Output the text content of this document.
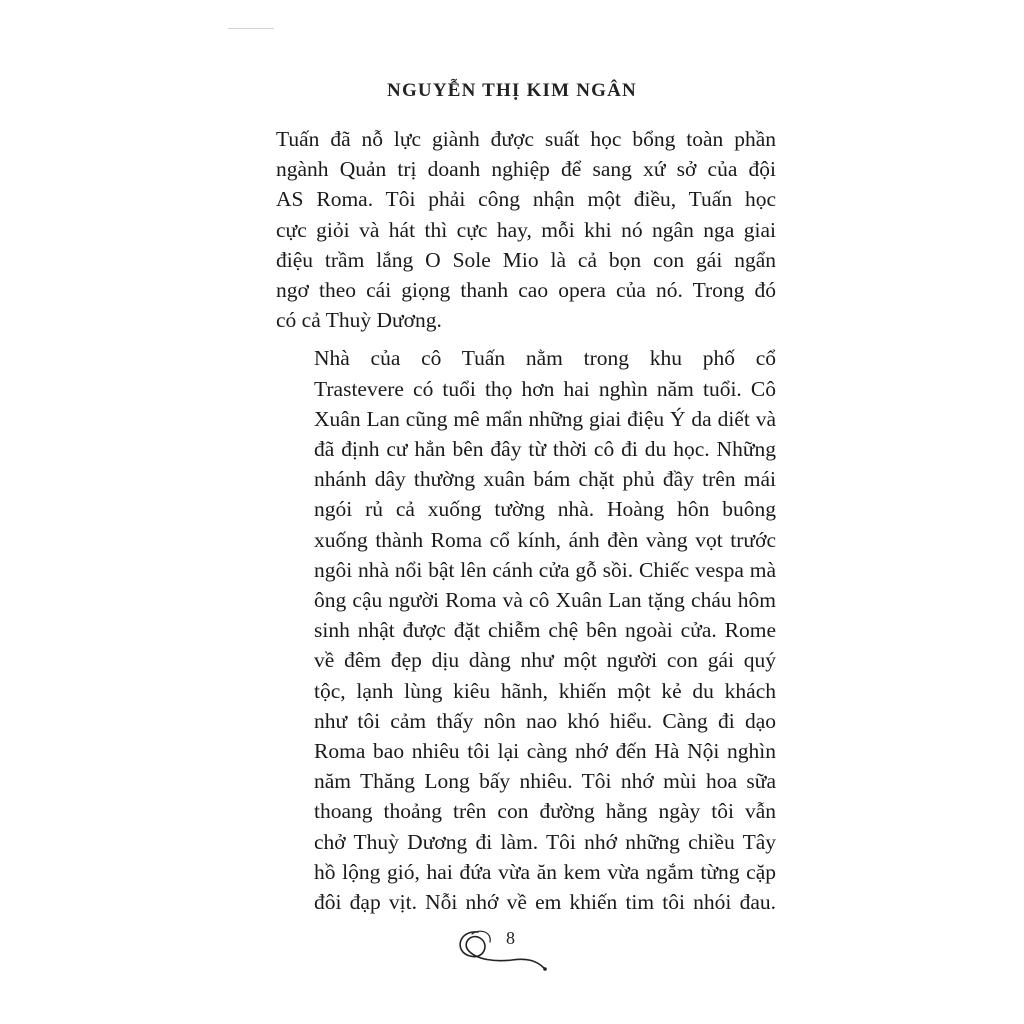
NGUYỄN THỊ KIM NGÂN

Tuấn đã nỗ lực giành được suất học bổng toàn phần
ngành Quản trị doanh nghiệp để sang xứ sở của đội
AS Roma. Tôi phải công nhận một điều, Tuấn học
cực giỏi và hát thì cực hay, mỗi khi nó ngân nga giai
điệu trầm lắng O Sole Mio là cả bọn con gái ngẩn
ngơ theo cái giọng thanh cao opera của nó. Trong đó
có cả Thuỳ Dương.

Nhà của cô Tuấn nằm trong khu phố cổ
Trastevere có tuổi thọ hơn hai nghìn năm tuổi. Cô
Xuân Lan cũng mê mẩn những giai điệu Ý da diết và
đã định cư hẳn bên đây từ thời cô đi du học. Những
nhánh dây thường xuân bám chặt phủ đầy trên mái
ngói rủ cả xuống tường nhà. Hoàng hôn buông
xuống thành Roma cổ kính, ánh đèn vàng vọt trước
ngôi nhà nổi bật lên cánh cửa gỗ sồi. Chiếc vespa mà
ông cậu người Roma và cô Xuân Lan tặng cháu hôm
sinh nhật được đặt chiễm chệ bên ngoài cửa. Rome
về đêm đẹp dịu dàng như một người con gái quý
tộc, lạnh lùng kiêu hãnh, khiến một kẻ du khách
như tôi cảm thấy nôn nao khó hiểu. Càng đi dạo
Roma bao nhiêu tôi lại càng nhớ đến Hà Nội nghìn
năm Thăng Long bấy nhiêu. Tôi nhớ mùi hoa sữa
thoang thoảng trên con đường hằng ngày tôi vẫn
chở Thuỳ Dương đi làm. Tôi nhớ những chiều Tây
hồ lộng gió, hai đứa vừa ăn kem vừa ngắm từng cặp
đôi đạp vịt. Nỗi nhớ về em khiến tim tôi nhói đau.

8
